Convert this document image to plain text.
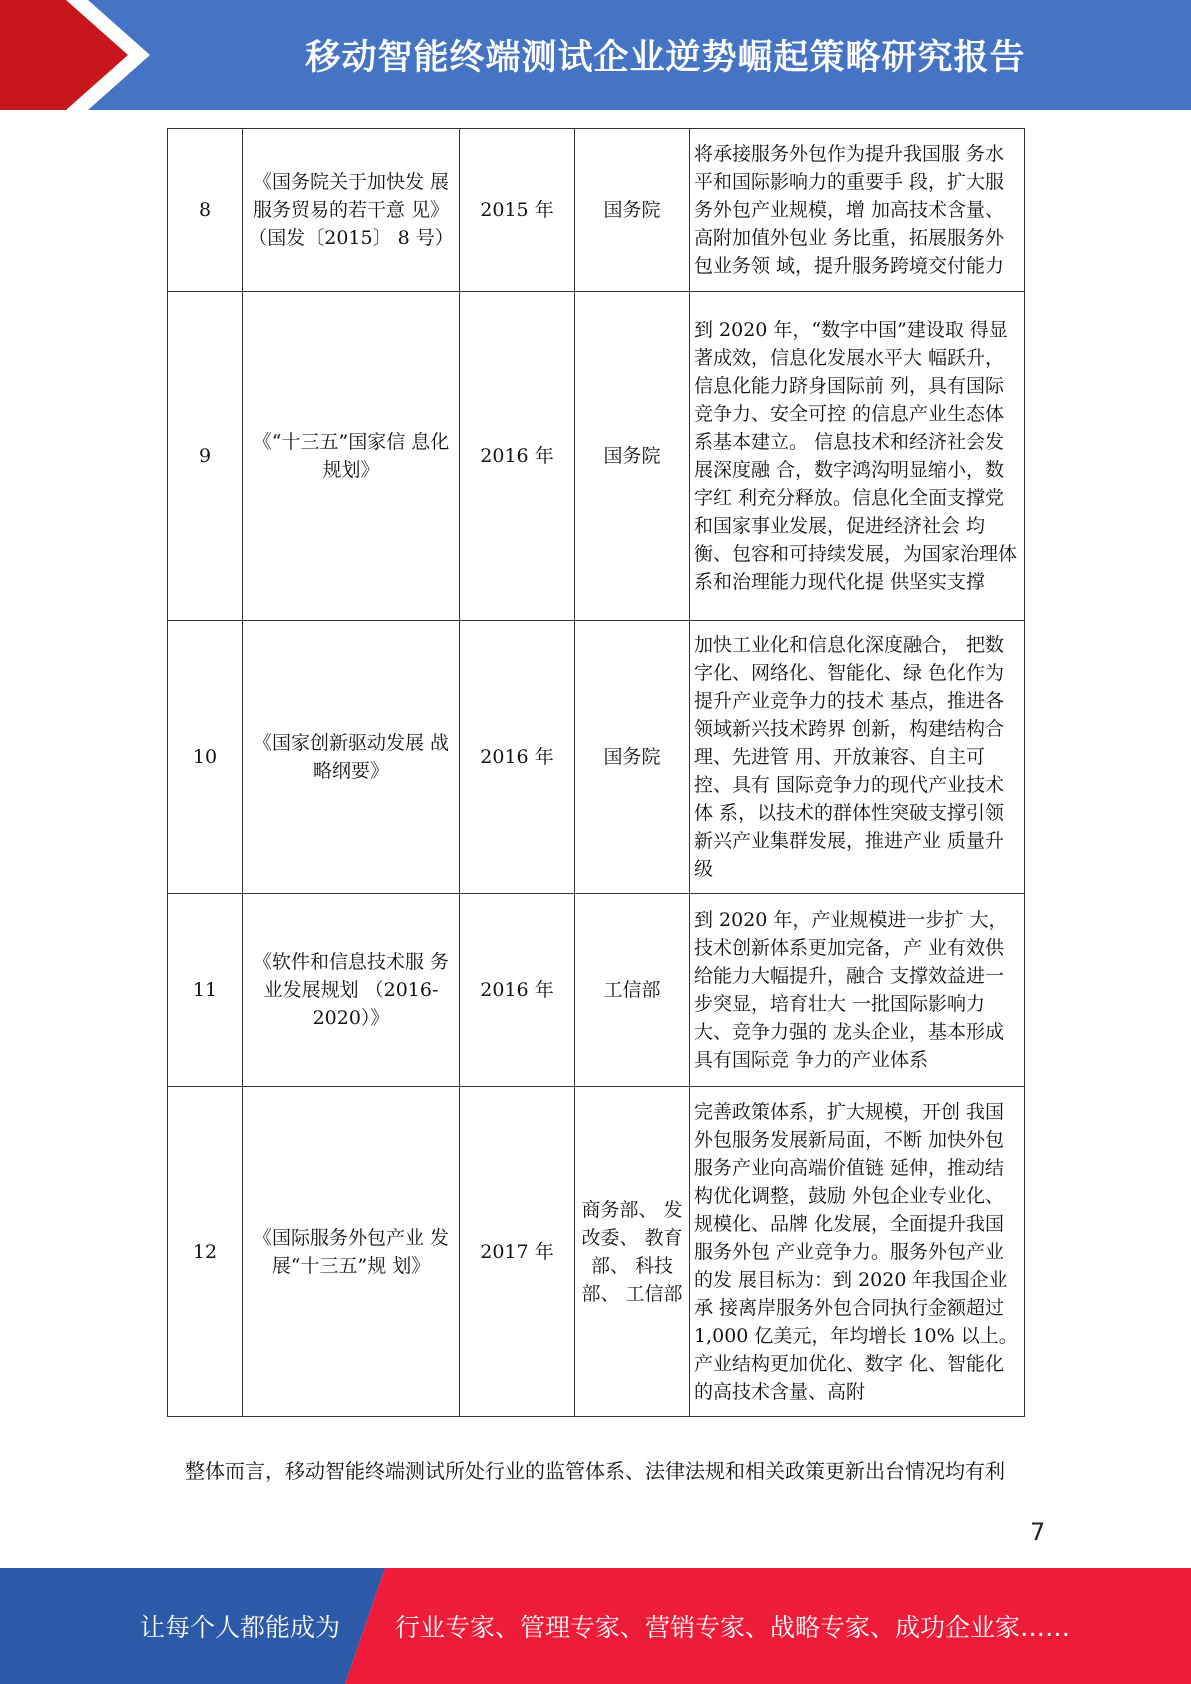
移动智能终端测试企业逆势崛起策略研究报告
8	《国务院关于加快发 展服务贸易的若干意 见》（国发〔2015〕 8 号）	2015 年	国务院	将承接服务外包作为提升我国服 务水平和国际影响力的重要手 段，扩大服务外包产业规模，增 加高技术含量、高附加值外包业 务比重，拓展服务外包业务领 域，提升服务跨境交付能力
9	《“十三五”国家信 息化规划》	2016 年	国务院	到 2020 年，“数字中国”建设取 得显著成效，信息化发展水平大 幅跃升，信息化能力跻身国际前 列，具有国际竞争力、安全可控 的信息产业生态体系基本建立。 信息技术和经济社会发展深度融 合，数字鸿沟明显缩小，数字红 利充分释放。信息化全面支撑党 和国家事业发展，促进经济社会 均衡、包容和可持续发展，为国家治理体系和治理能力现代化提 供坚实支撑
10	《国家创新驱动发展 战略纲要》	2016 年	国务院	加快工业化和信息化深度融合， 把数字化、网络化、智能化、绿 色化作为提升产业竞争力的技术 基点，推进各领域新兴技术跨界 创新，构建结构合理、先进管 用、开放兼容、自主可控、具有 国际竞争力的现代产业技术体 系，以技术的群体性突破支撑引领新兴产业集群发展，推进产业 质量升级
11	《软件和信息技术服 务业发展规划 （2016-2020）》	2016 年	工信部	到 2020 年，产业规模进一步扩 大，技术创新体系更加完备，产 业有效供给能力大幅提升，融合 支撑效益进一步突显，培育壮大 一批国际影响力大、竞争力强的 龙头企业，基本形成具有国际竞 争力的产业体系
12	《国际服务外包产业 发展“十三五”规 划》	2017 年	商务部、 发改委、 教育部、 科技部、 工信部	完善政策体系，扩大规模，开创 我国外包服务发展新局面，不断 加快外包服务产业向高端价值链 延伸，推动结构优化调整，鼓励 外包企业专业化、规模化、品牌 化发展，全面提升我国服务外包 产业竞争力。服务外包产业的发 展目标为：到 2020 年我国企业承 接离岸服务外包合同执行金额超过 1,000 亿美元，年均增长 10% 以上。产业结构更加优化、数字 化、智能化的高技术含量、高附
整体而言，移动智能终端测试所处行业的监管体系、法律法规和相关政策更新出台情况均有利
7
让每个人都能成为 行业专家、管理专家、营销专家、战略专家、成功企业家……
